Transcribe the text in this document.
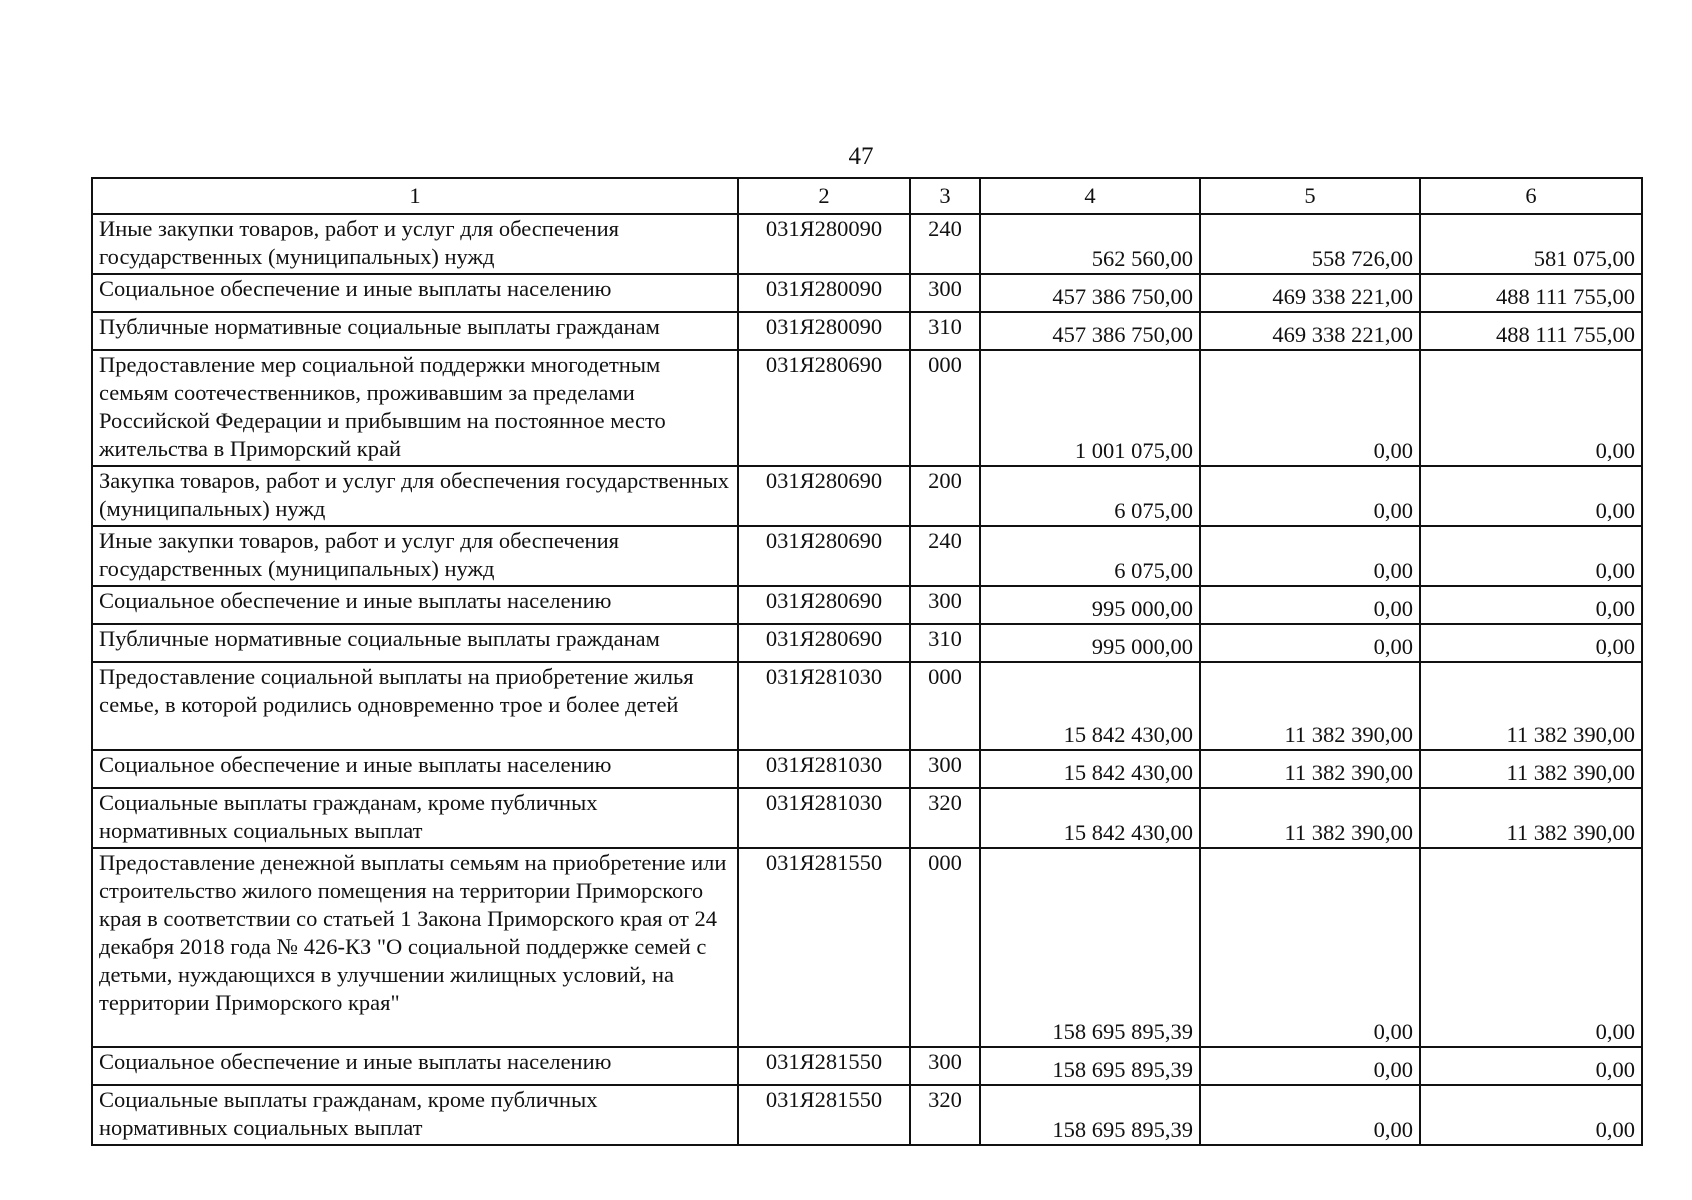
47
1	2	3	4	5	6
Иные закупки товаров, работ и услуг для обеспечения государственных (муниципальных) нужд	031Я280090	240	562 560,00	558 726,00	581 075,00
Социальное обеспечение и иные выплаты населению	031Я280090	300	457 386 750,00	469 338 221,00	488 111 755,00
Публичные нормативные социальные выплаты гражданам	031Я280090	310	457 386 750,00	469 338 221,00	488 111 755,00
Предоставление мер социальной поддержки многодетным семьям соотечественников, проживавшим за пределами Российской Федерации и прибывшим на постоянное место жительства в Приморский край	031Я280690	000	1 001 075,00	0,00	0,00
Закупка товаров, работ и услуг для обеспечения государственных (муниципальных) нужд	031Я280690	200	6 075,00	0,00	0,00
Иные закупки товаров, работ и услуг для обеспечения государственных (муниципальных) нужд	031Я280690	240	6 075,00	0,00	0,00
Социальное обеспечение и иные выплаты населению	031Я280690	300	995 000,00	0,00	0,00
Публичные нормативные социальные выплаты гражданам	031Я280690	310	995 000,00	0,00	0,00
Предоставление социальной выплаты на приобретение жилья семье, в которой родились одновременно трое и более детей	031Я281030	000	15 842 430,00	11 382 390,00	11 382 390,00
Социальное обеспечение и иные выплаты населению	031Я281030	300	15 842 430,00	11 382 390,00	11 382 390,00
Социальные выплаты гражданам, кроме публичных нормативных социальных выплат	031Я281030	320	15 842 430,00	11 382 390,00	11 382 390,00
Предоставление денежной выплаты семьям на приобретение или строительство жилого помещения на территории Приморского края в соответствии со статьей 1 Закона Приморского края от 24 декабря 2018 года № 426-КЗ "О социальной поддержке семей с детьми, нуждающихся в улучшении жилищных условий, на территории Приморского края"	031Я281550	000	158 695 895,39	0,00	0,00
Социальное обеспечение и иные выплаты населению	031Я281550	300	158 695 895,39	0,00	0,00
Социальные выплаты гражданам, кроме публичных нормативных социальных выплат	031Я281550	320	158 695 895,39	0,00	0,00
